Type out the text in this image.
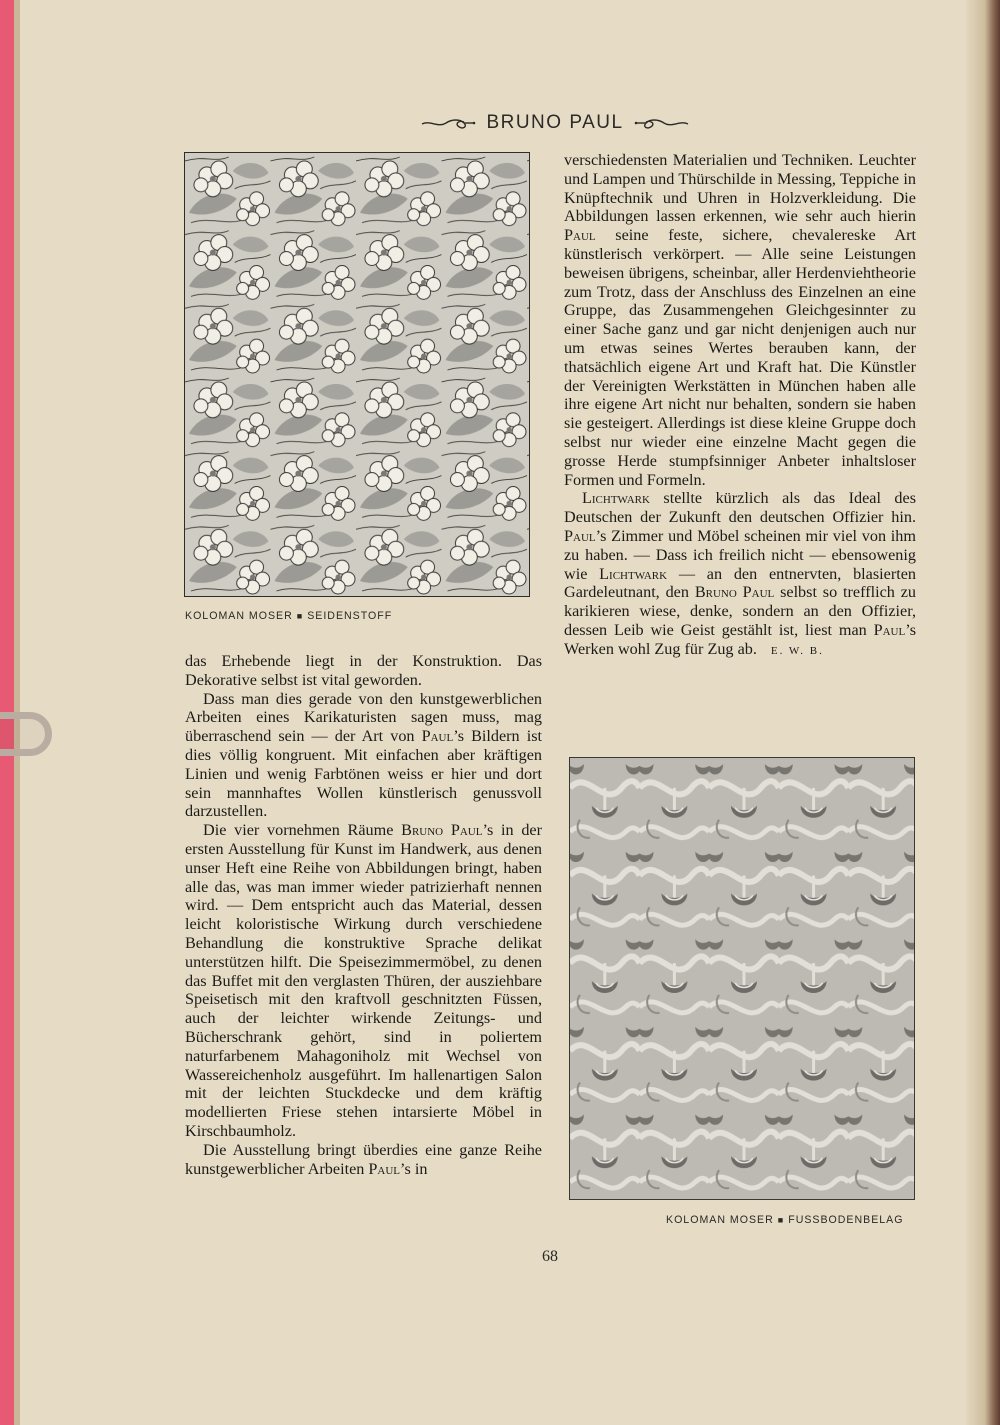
BRUNO PAUL
KOLOMAN MOSER ■ SEIDENSTOFF

das Erhebende liegt in der Konstruktion. Das Dekorative selbst ist vital geworden.

Dass man dies gerade von den kunstgewerblichen Arbeiten eines Karikaturisten sagen muss, mag überraschend sein — der Art von Paul’s Bildern ist dies völlig kongruent. Mit einfachen aber kräftigen Linien und wenig Farbtönen weiss er hier und dort sein mannhaftes Wollen künstlerisch genussvoll darzustellen.

Die vier vornehmen Räume Bruno Paul’s in der ersten Ausstellung für Kunst im Handwerk, aus denen unser Heft eine Reihe von Abbildungen bringt, haben alle das, was man immer wieder patrizierhaft nennen wird. — Dem entspricht auch das Material, dessen leicht koloristische Wirkung durch verschiedene Behandlung die konstruktive Sprache delikat unterstützen hilft. Die Speisezimmermöbel, zu denen das Buffet mit den verglasten Thüren, der ausziehbare Speisetisch mit den kraftvoll geschnitzten Füssen, auch der leichter wirkende Zeitungs- und Bücherschrank gehört, sind in poliertem naturfarbenem Mahagoniholz mit Wechsel von Wassereichenholz ausgeführt. Im hallenartigen Salon mit der leichten Stuckdecke und dem kräftig modellierten Friese stehen intarsierte Möbel in Kirschbaumholz.

Die Ausstellung bringt überdies eine ganze Reihe kunstgewerblicher Arbeiten Paul’s in

verschiedensten Materialien und Techniken. Leuchter und Lampen und Thürschilde in Messing, Teppiche in Knüpftechnik und Uhren in Holzverkleidung. Die Abbildungen lassen erkennen, wie sehr auch hierin Paul seine feste, sichere, chevalereske Art künstlerisch verkörpert. — Alle seine Leistungen beweisen übrigens, scheinbar, aller Herdenviehtheorie zum Trotz, dass der Anschluss des Einzelnen an eine Gruppe, das Zusammengehen Gleichgesinnter zu einer Sache ganz und gar nicht denjenigen auch nur um etwas seines Wertes berauben kann, der thatsächlich eigene Art und Kraft hat. Die Künstler der Vereinigten Werkstätten in München haben alle ihre eigene Art nicht nur behalten, sondern sie haben sie gesteigert. Allerdings ist diese kleine Gruppe doch selbst nur wieder eine einzelne Macht gegen die grosse Herde stumpfsinniger Anbeter inhaltsloser Formen und Formeln.

Lichtwark stellte kürzlich als das Ideal des Deutschen der Zukunft den deutschen Offizier hin. Paul’s Zimmer und Möbel scheinen mir viel von ihm zu haben. — Dass ich freilich nicht — ebensowenig wie Lichtwark — an den entnervten, blasierten Gardeleutnant, den Bruno Paul selbst so trefflich zu karikieren wiese, denke, sondern an den Offizier, dessen Leib wie Geist gestählt ist, liest man Paul’s Werken wohl Zug für Zug ab. E. W. B.

KOLOMAN MOSER ■ FUSSBODENBELAG
68
